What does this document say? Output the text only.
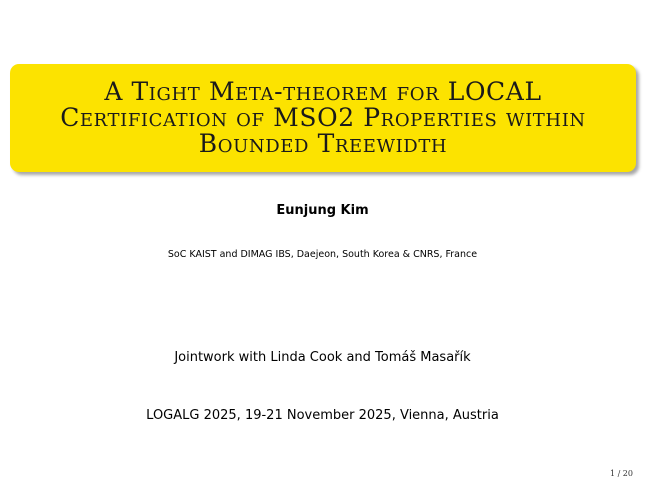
A Tight Meta-theorem for LOCAL
Certification of MSO2 Properties within
Bounded Treewidth
Eunjung Kim
SoC KAIST and DIMAG IBS, Daejeon, South Korea & CNRS, France
Jointwork with Linda Cook and Tomáš Masařík
LOGALG 2025, 19-21 November 2025, Vienna, Austria
1 / 20
